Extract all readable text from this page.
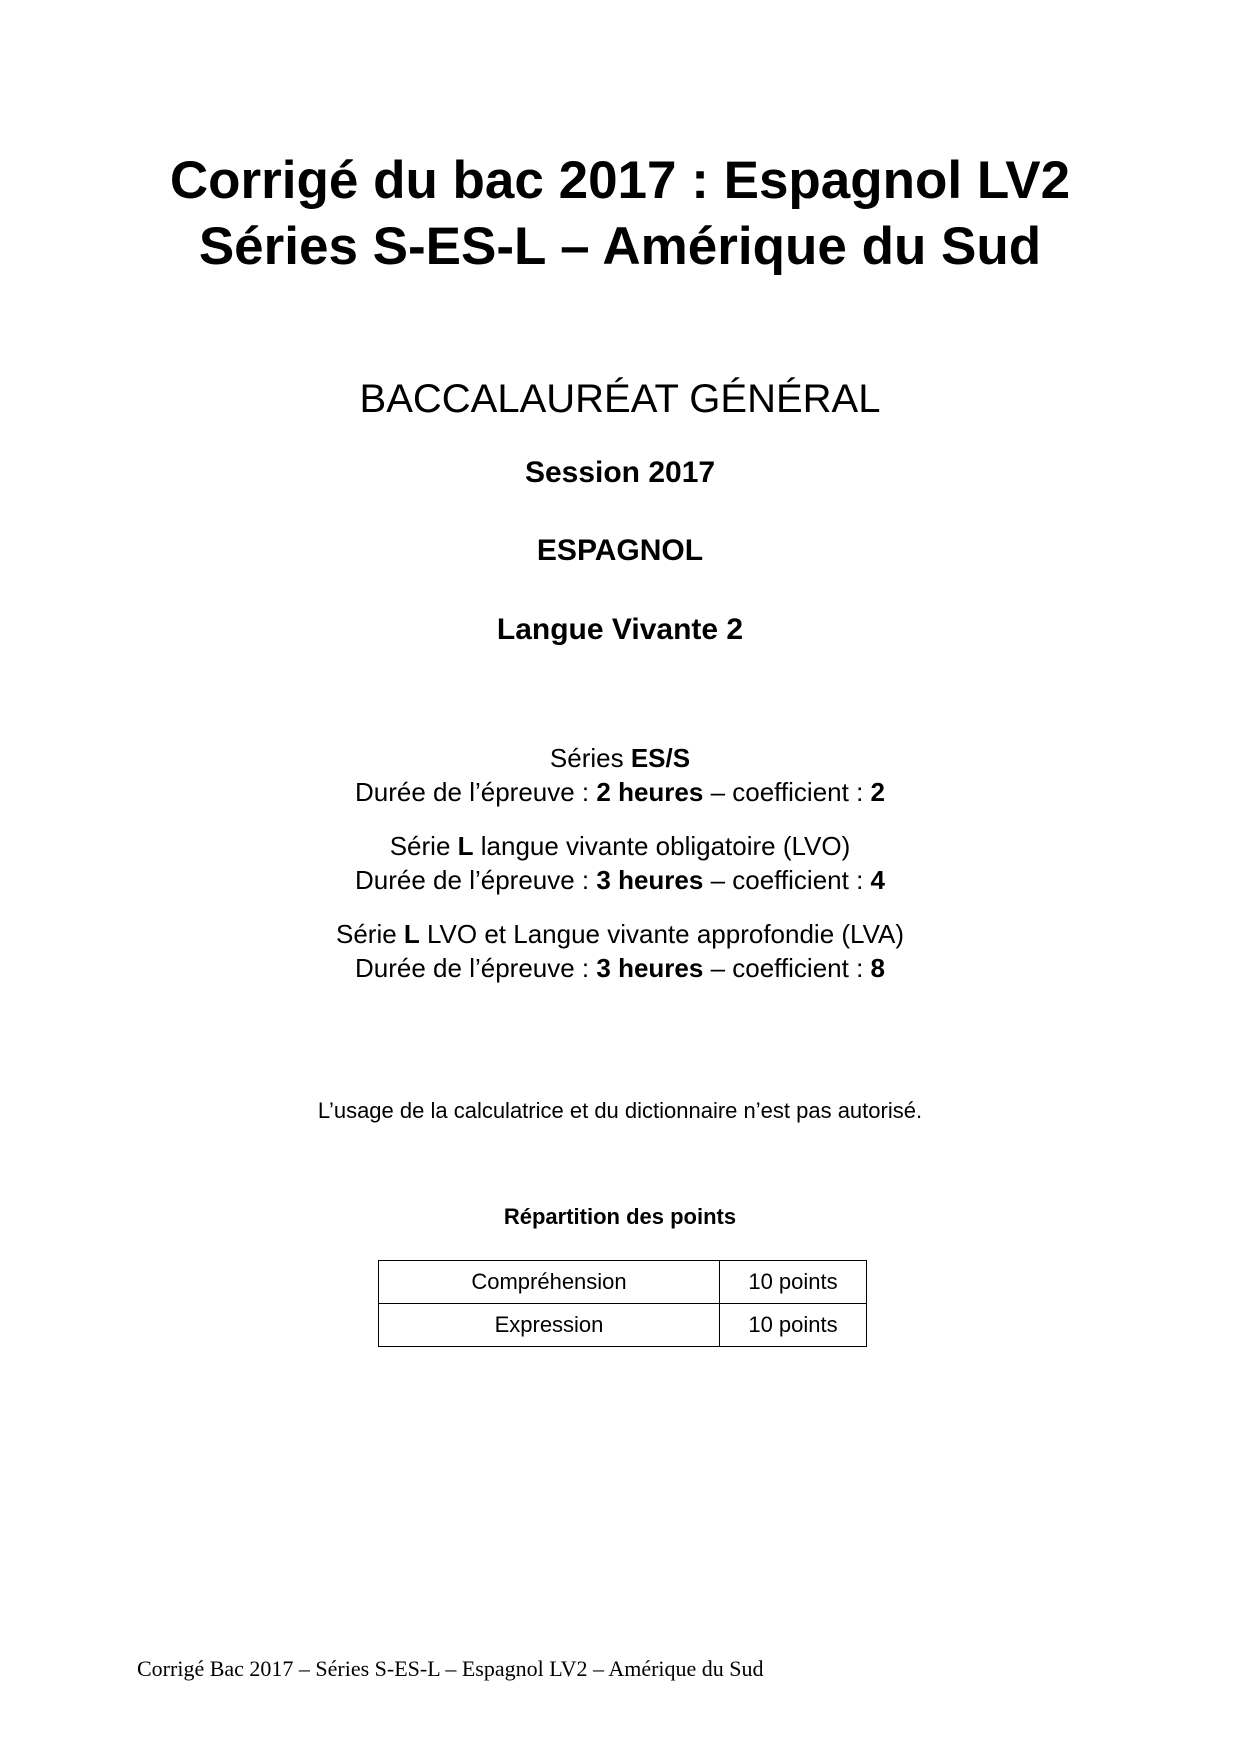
Corrigé du bac 2017 : Espagnol LV2

Séries S-ES-L – Amérique du Sud

BACCALAURÉAT GÉNÉRAL

Session 2017

ESPAGNOL

Langue Vivante 2

Séries ES/S

Durée de l’épreuve : 2 heures – coefficient : 2

Série L langue vivante obligatoire (LVO)

Durée de l’épreuve : 3 heures – coefficient : 4

Série L LVO et Langue vivante approfondie (LVA)

Durée de l’épreuve : 3 heures – coefficient : 8

L’usage de la calculatrice et du dictionnaire n’est pas autorisé.

Répartition des points

Compréhension	10 points
Expression	10 points

Corrigé Bac 2017 – Séries S-ES-L – Espagnol LV2 – Amérique du Sud
